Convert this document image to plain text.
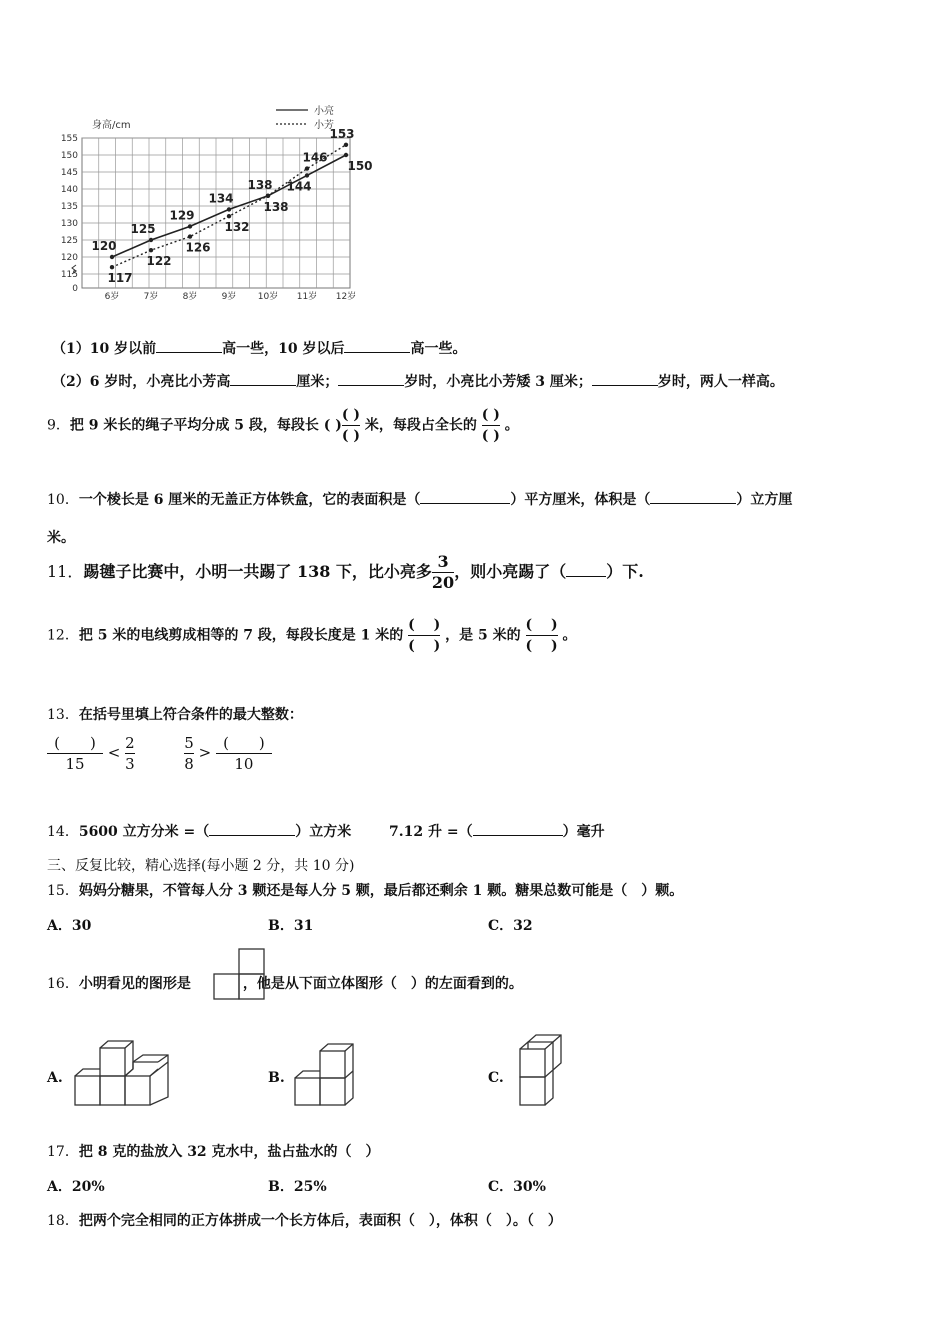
0
115
120
125
130
135
140
145
150
155
身高/cm
6岁	7岁	8岁	9岁 10岁 11岁 12岁
小亮
小芳
120
125
129
134
138 144
150
117
122
126
132
138
146
153
（1）10 岁以前	高一些，10 岁以后	高一些。
（2）6 岁时，小亮比小芳高	厘米；	岁时，小亮比小芳矮 3 厘米；	岁时，两人一样高。
9．把 9 米长的绳子平均分成 5 段，每段长 ( ) $\frac{( )}{( )}$ 米，每段占全长的 $\frac{( )}{( )}$ 。
10．一个棱长是 6 厘米的无盖正方体铁盒，它的表面积是（	）平方厘米，体积是（	）立方厘
米。
11．踢毽子比赛中，小明一共踢了 138 下，比小亮多 $\frac{3}{20}$ ，则小亮踢了（	）下.
12．把 5 米的电线剪成相等的 7 段，每段长度是 1 米的 $\frac{( )}{( )}$ ，是 5 米的 $\frac{( )}{( )}$ 。
13．在括号里填上符合条件的最大整数：
$\frac{( )}{15} < \frac{2}{3}$
	$\frac{5}{8} > \frac{( )}{10}$
14．5600 立方分米 =（	）立方米	7.12 升 =（	）毫升
三、反复比较，精心选择(每小题 2 分，共 10 分)
15．妈妈分糖果，不管每人分 3 颗还是每人分 5 颗，最后都还剩余 1 颗。糖果总数可能是（　）颗。
A．30	B．31	C．32
16．小明看见的图形是	，他是从下面立体图形（　）的左面看到的。
A.	B.	C.
17．把 8 克的盐放入 32 克水中，盐占盐水的（　）
A．20%	B．25%	C．30%
18．把两个完全相同的正方体拼成一个长方体后，表面积（　），体积（　）。（　）
